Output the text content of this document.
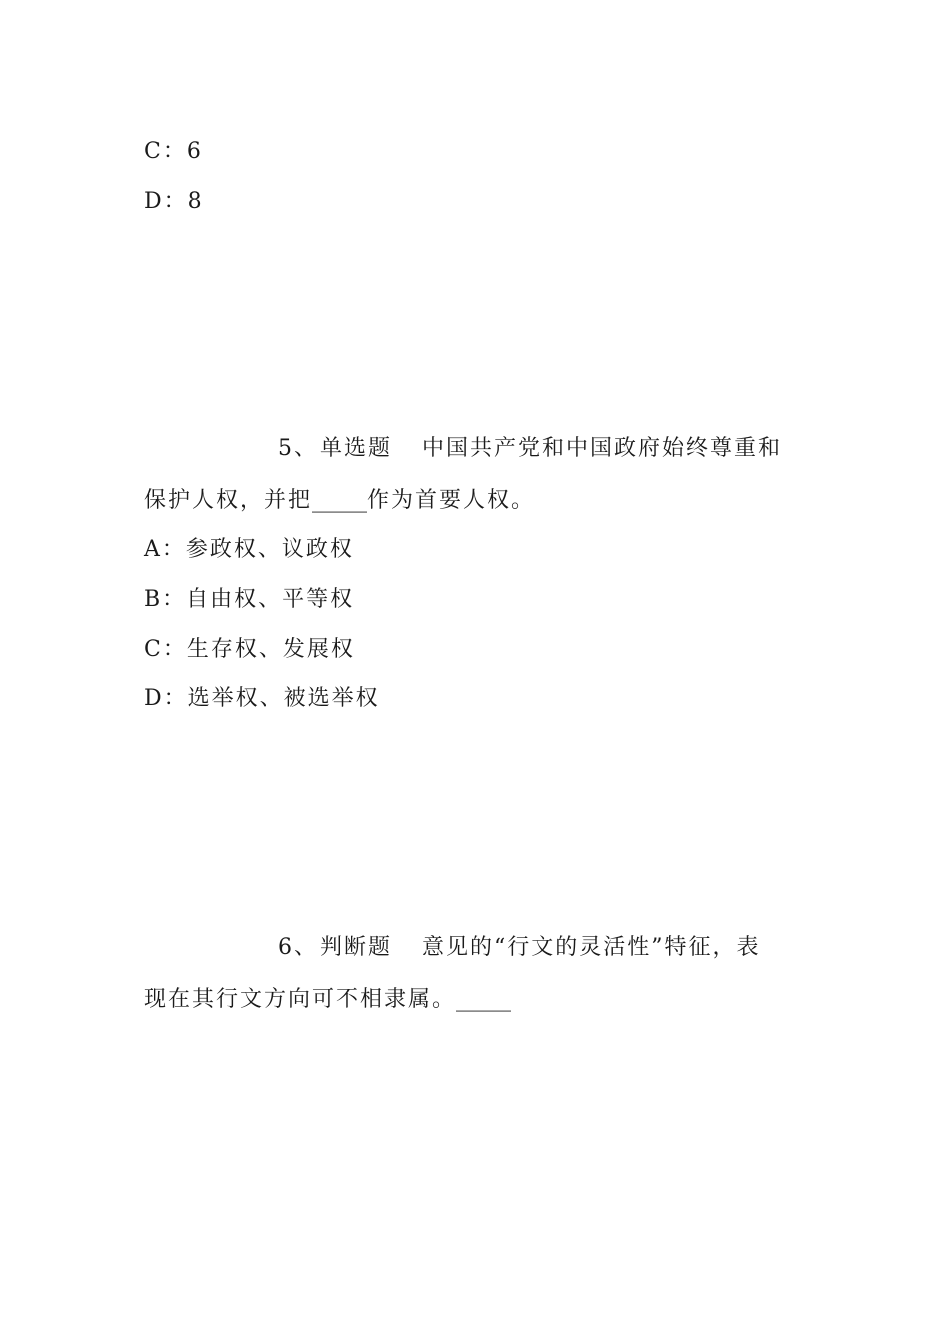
C：6
D：8
5、单选题 中国共产党和中国政府始终尊重和
保护人权，并把_____作为首要人权。
A：参政权、议政权
B：自由权、平等权
C：生存权、发展权
D：选举权、被选举权
6、判断题 意见的“行文的灵活性”特征，表
现在其行文方向可不相隶属。_____
